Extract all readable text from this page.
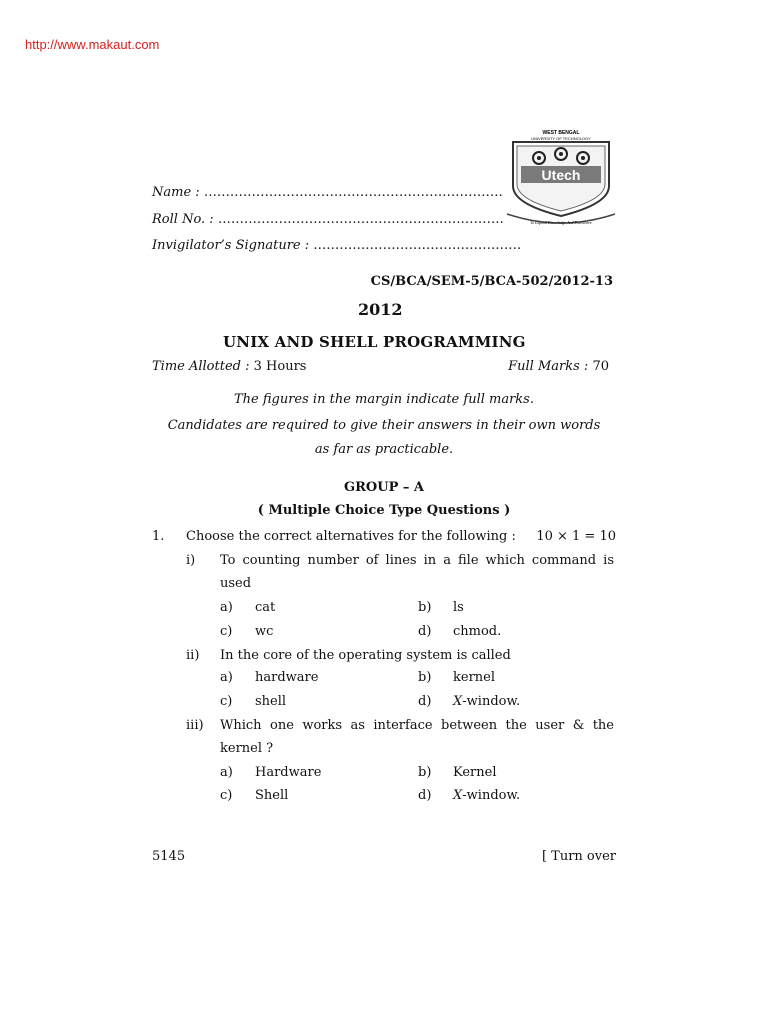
http://www.makaut.com
WEST BENGAL
UNIVERSITY OF TECHNOLOGY
Utech
To Expand Knowledge And Excellence
Name : ……………………………………………………………
Roll No. : …………………………………………………………
Invigilator’s Signature : …………………………………………
CS/BCA/SEM-5/BCA-502/2012-13
2012
UNIX AND SHELL PROGRAMMING
Time Allotted : 3 Hours	Full Marks : 70
The figures in the margin indicate full marks.
Candidates are required to give their answers in their own words
as far as practicable.
GROUP – A
( Multiple Choice Type Questions )
1. Choose the correct alternatives for the following : 10 × 1 = 10
i) To counting number of lines in a file which command is
used
a) cat	b) ls
c) wc	d) chmod.
ii) In the core of the operating system is called
a) hardware	b) kernel
c) shell	d) X-window.
iii) Which one works as interface between the user & the
kernel ?
a) Hardware	b) Kernel
c) Shell	d) X-window.
5145	[ Turn over
